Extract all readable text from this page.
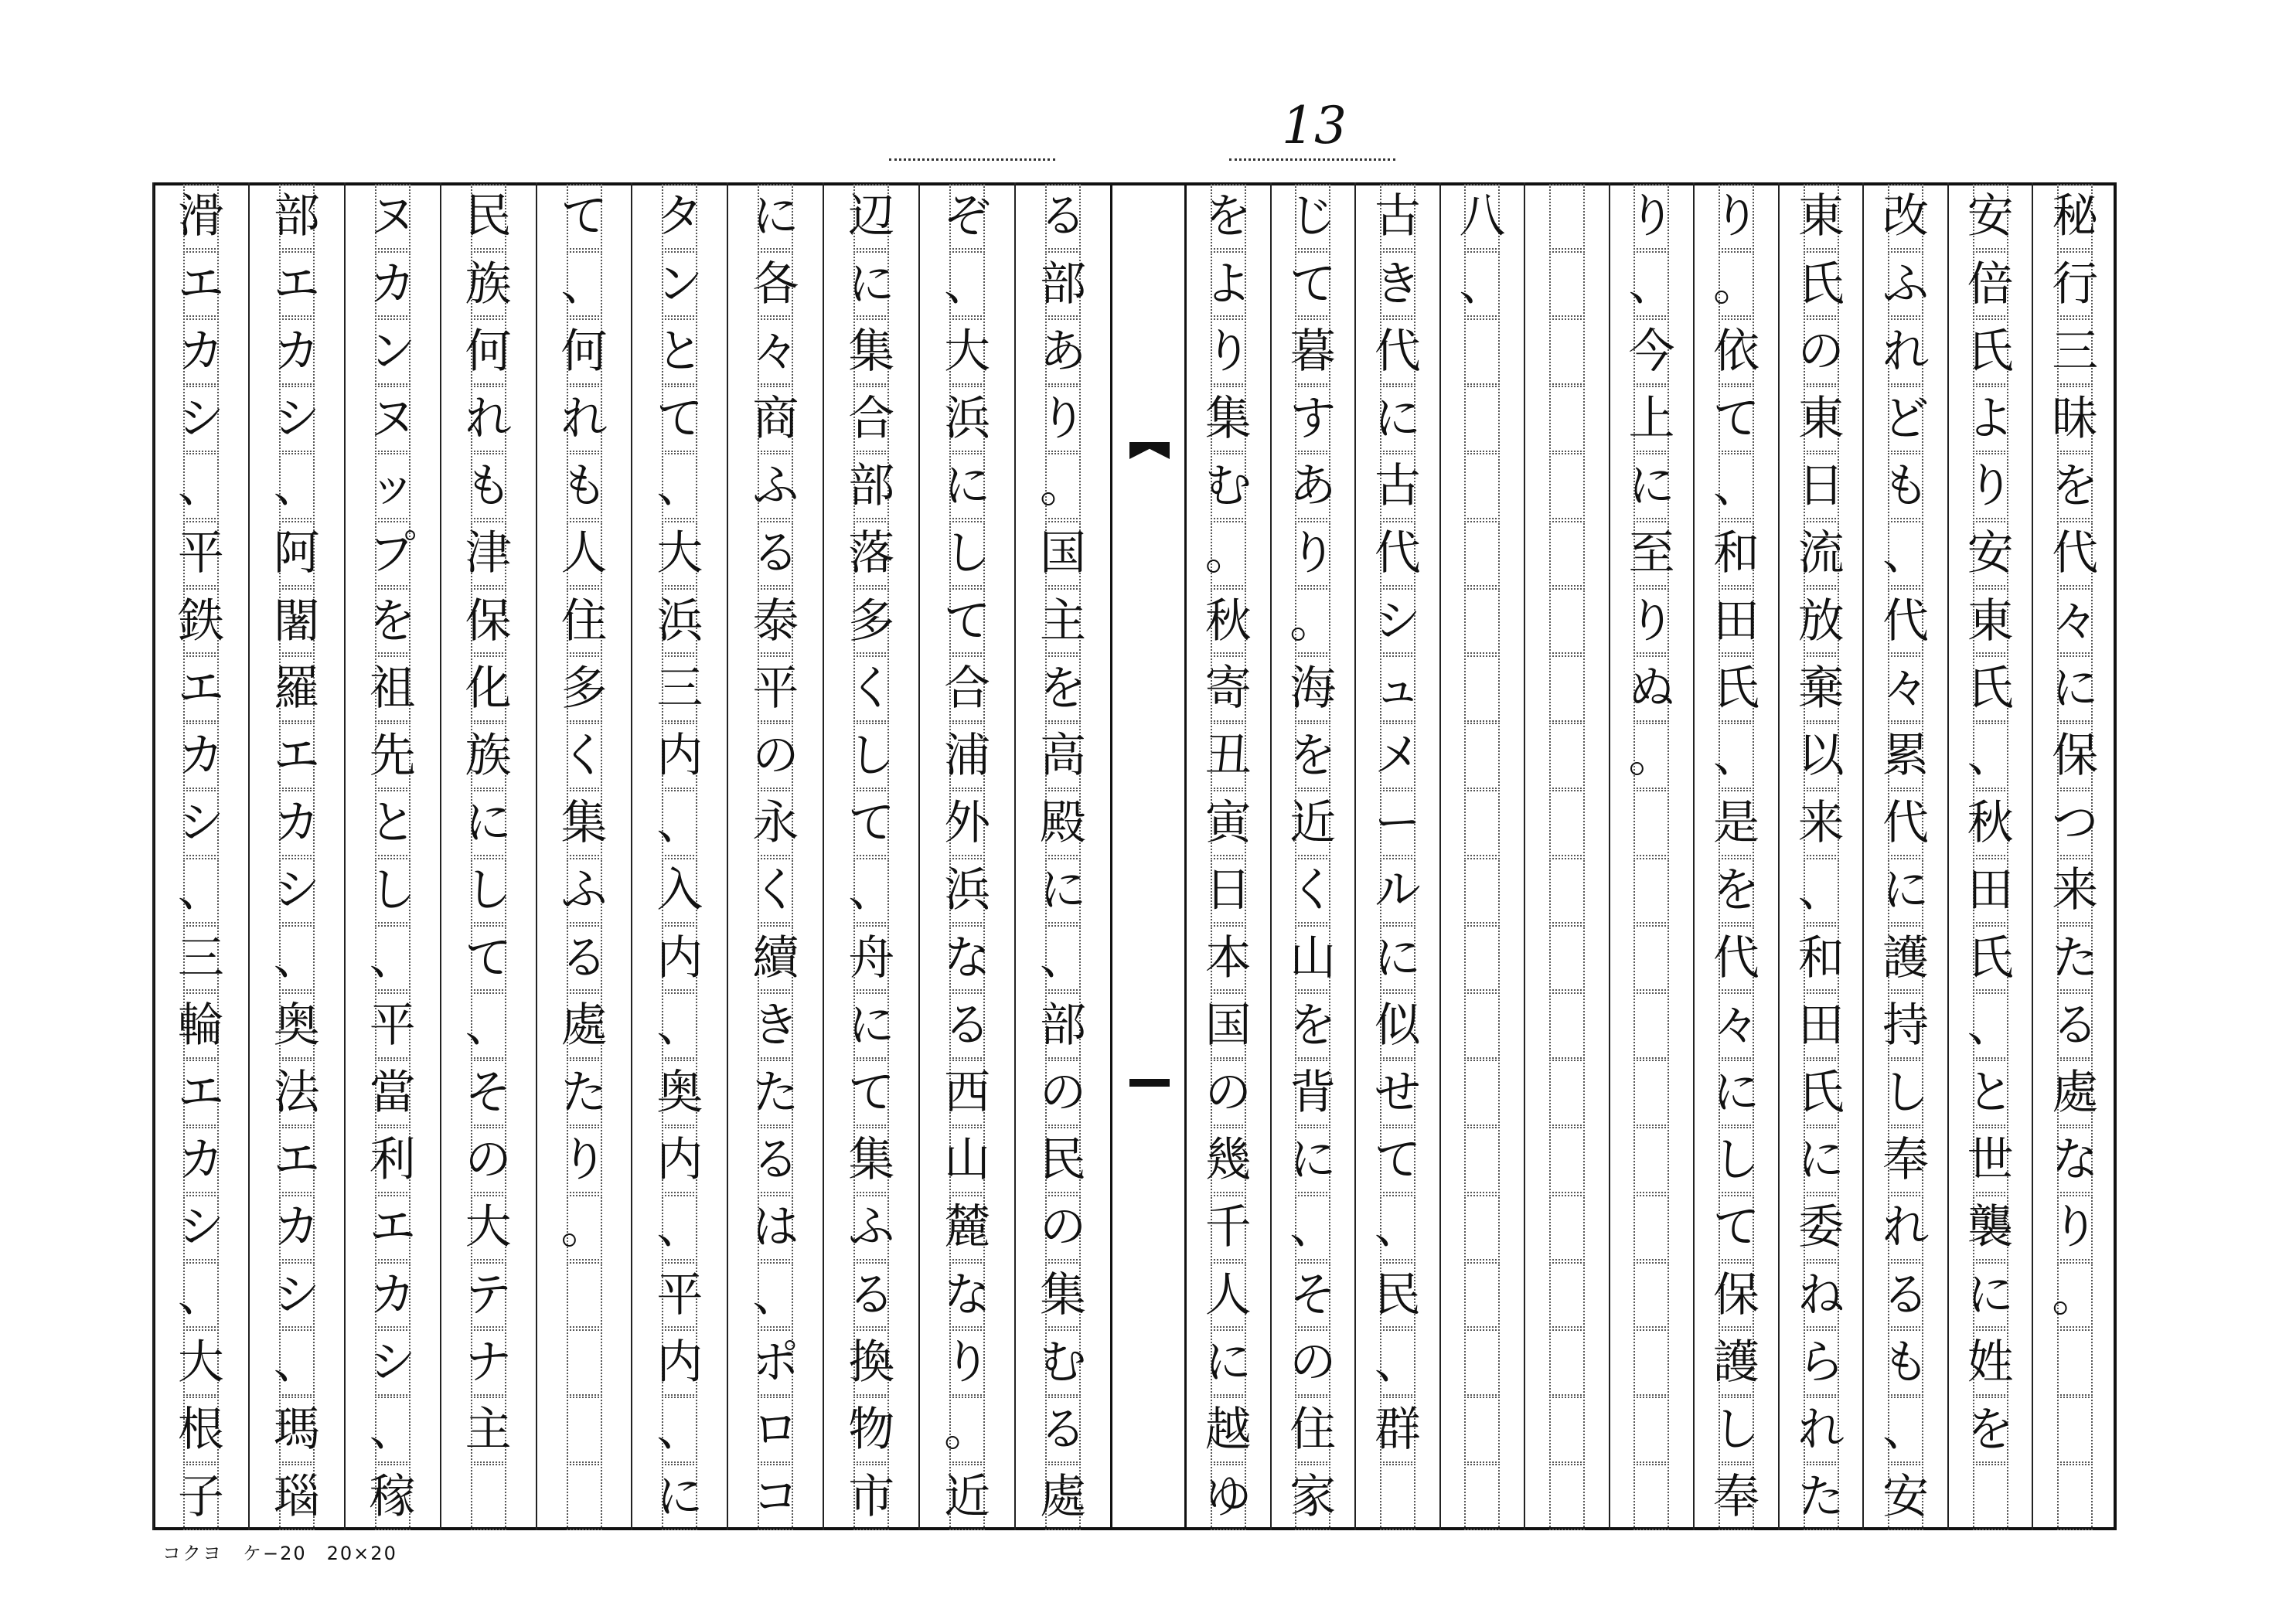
13
秘
行
三
昧
を
代
々
に
保
つ
来
た
る
處
な
り
。
安
倍
氏
よ
り
安
東
氏
、
秋
田
氏
、
と
世
襲
に
姓
を
改
ふ
れ
ど
も
、
代
々
累
代
に
護
持
し
奉
れ
る
も
、
安
東
氏
の
東
日
流
放
棄
以
来
、
和
田
氏
に
委
ね
ら
れ
た
り
。
依
て
、
和
田
氏
、
是
を
代
々
に
し
て
保
護
し
奉
り
、
今
上
に
至
り
ぬ
。
八
、
古
き
代
に
古
代
シ
ュ
メ
ー
ル
に
似
せ
て
、
民
、
群
じ
て
暮
す
あ
り
。
海
を
近
く
山
を
背
に
、
そ
の
住
家
を
よ
り
集
む
。
秋
寄
丑
寅
日
本
国
の
幾
千
人
に
越
ゆ
る
部
あ
り
。
国
主
を
高
殿
に
、
部
の
民
の
集
む
る
處
ぞ
、
大
浜
に
し
て
合
浦
外
浜
な
る
西
山
麓
な
り
。
近
辺
に
集
合
部
落
多
く
し
て
、
舟
に
て
集
ふ
る
換
物
市
に
各
々
商
ふ
る
泰
平
の
永
く
續
き
た
る
は
、
ポ
ロ
コ
タ
ン
と
て
、
大
浜
三
内
、
入
内
、
奥
内
、
平
内
、
に
て
、
何
れ
も
人
住
多
く
集
ふ
る
處
た
り
。
民
族
何
れ
も
津
保
化
族
に
し
て
、
そ
の
大
テ
ナ
主
ヌ
カ
ン
ヌ
ッ
プ
を
祖
先
と
し
、
平
當
利
エ
カ
シ
、
稼
部
エ
カ
シ
、
阿
闍
羅
エ
カ
シ
、
奥
法
エ
カ
シ
、
瑪
瑙
滑
エ
カ
シ
、
平
鉄
エ
カ
シ
、
三
輪
エ
カ
シ
、
大
根
子
コクヨ　ケ−20　20×20
